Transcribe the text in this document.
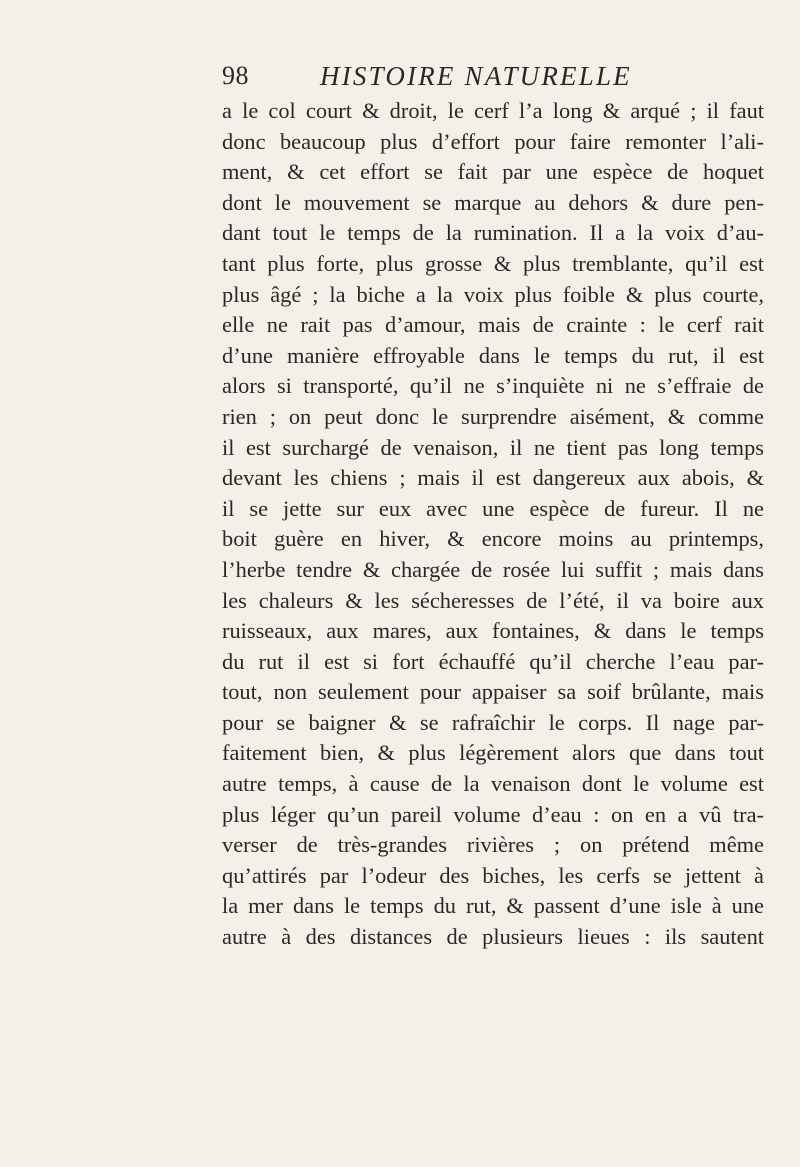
98	HISTOIRE NATURELLE
a le col court & droit, le cerf l’a long & arqué ; il faut
donc beaucoup plus d’effort pour faire remonter l’ali-
ment, & cet effort se fait par une espèce de hoquet
dont le mouvement se marque au dehors & dure pen-
dant tout le temps de la rumination. Il a la voix d’au-
tant plus forte, plus grosse & plus tremblante, qu’il est
plus âgé ; la biche a la voix plus foible & plus courte,
elle ne rait pas d’amour, mais de crainte : le cerf rait
d’une manière effroyable dans le temps du rut, il est
alors si transporté, qu’il ne s’inquiète ni ne s’effraie de
rien ; on peut donc le surprendre aisément, & comme
il est surchargé de venaison, il ne tient pas long temps
devant les chiens ; mais il est dangereux aux abois, &
il se jette sur eux avec une espèce de fureur. Il ne
boit guère en hiver, & encore moins au printemps,
l’herbe tendre & chargée de rosée lui suffit ; mais dans
les chaleurs & les sécheresses de l’été, il va boire aux
ruisseaux, aux mares, aux fontaines, & dans le temps
du rut il est si fort échauffé qu’il cherche l’eau par-
tout, non seulement pour appaiser sa soif brûlante, mais
pour se baigner & se rafraîchir le corps. Il nage par-
faitement bien, & plus légèrement alors que dans tout
autre temps, à cause de la venaison dont le volume est
plus léger qu’un pareil volume d’eau : on en a vû tra-
verser de très-grandes rivières ; on prétend même
qu’attirés par l’odeur des biches, les cerfs se jettent à
la mer dans le temps du rut, & passent d’une isle à une
autre à des distances de plusieurs lieues : ils sautent
